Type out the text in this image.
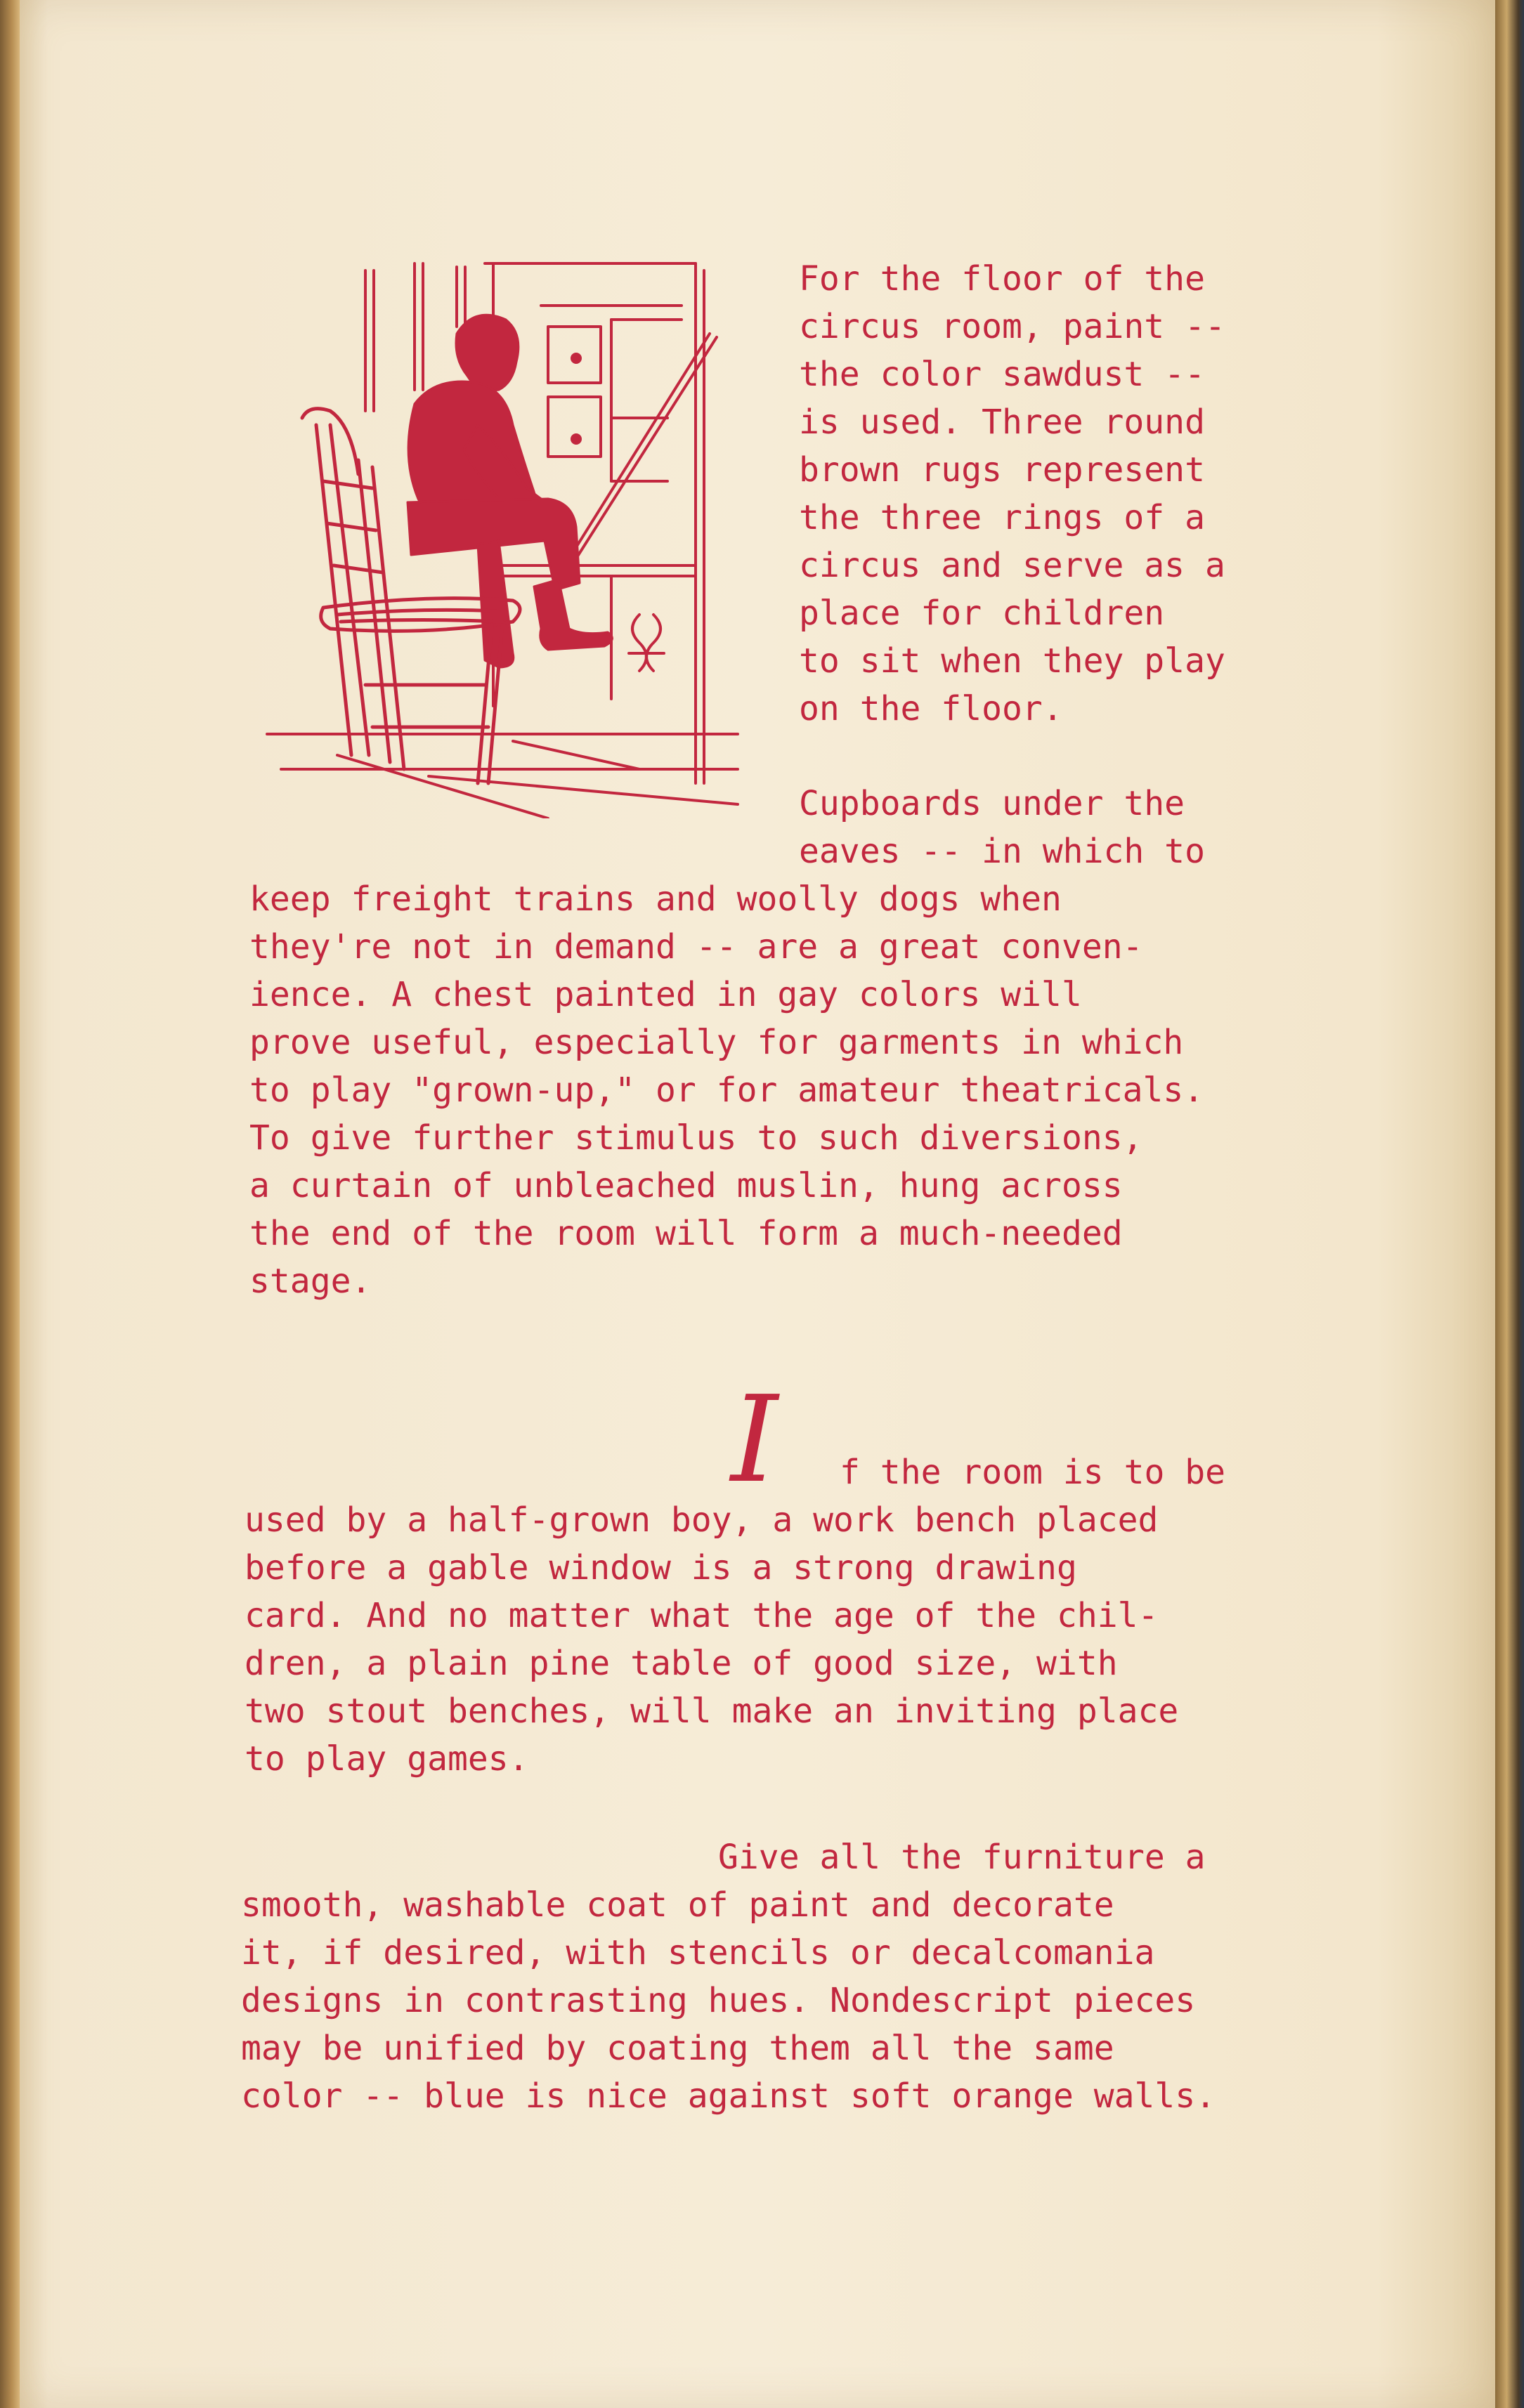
For the floor of the
circus room, paint --
the color sawdust --
is used. Three round
brown rugs represent
the three rings of a
circus and serve as a
place for children
to sit when they play
on the floor.
Cupboards under the
eaves -- in which to
keep freight trains and woolly dogs when
they're not in demand -- are a great conven-
ience. A chest painted in gay colors will
prove useful, especially for garments in which
to play "grown-up," or for amateur theatricals.
To give further stimulus to such diversions,
a curtain of unbleached muslin, hung across
the end of the room will form a much-needed
stage.
I f the room is to be
used by a half-grown boy, a work bench placed
before a gable window is a strong drawing
card. And no matter what the age of the chil-
dren, a plain pine table of good size, with
two stout benches, will make an inviting place
to play games.
Give all the furniture a
smooth, washable coat of paint and decorate
it, if desired, with stencils or decalcomania
designs in contrasting hues. Nondescript pieces
may be unified by coating them all the same
color -- blue is nice against soft orange walls.
